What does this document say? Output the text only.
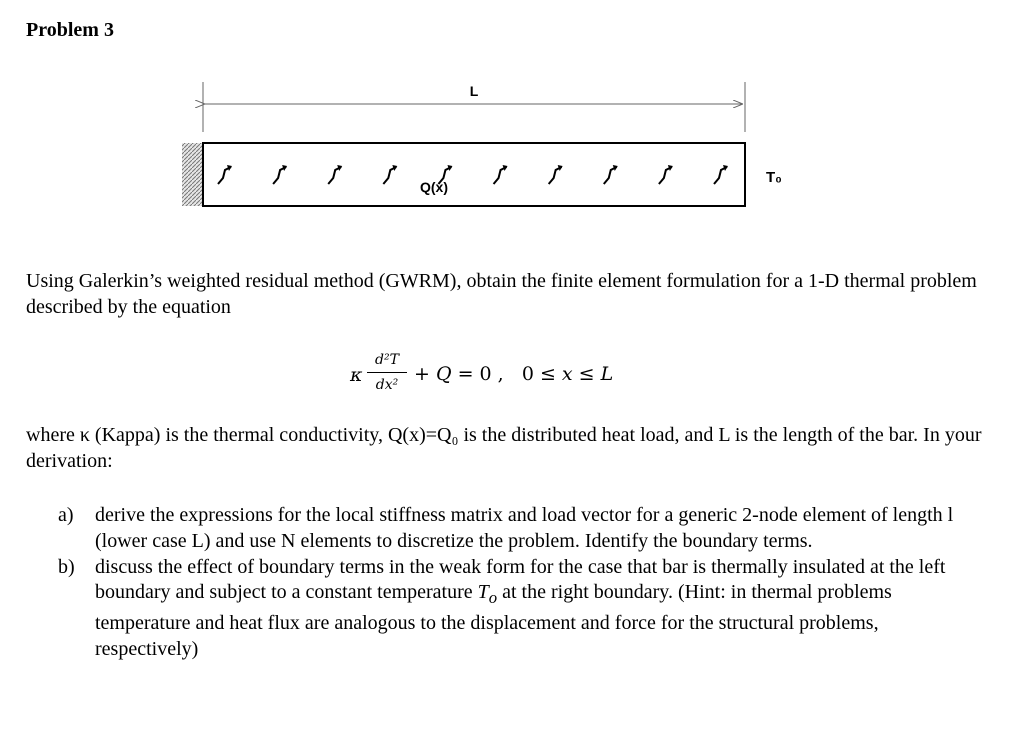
Problem 3
L
Q(x)
T₀
Using Galerkin’s weighted residual method (GWRM), obtain the finite element formulation for a 1-D thermal problem described by the equation
κ
d²T
dx² + Q = 0 ,   0 ≤ x ≤ L
where κ (Kappa) is the thermal conductivity, Q(x)=Q₀ is the distributed heat load, and L is the length of the bar. In your derivation:
a) derive the expressions for the local stiffness matrix and load vector for a generic 2-node element of length l (lower case L) and use N elements to discretize the problem. Identify the boundary terms.
b) discuss the effect of boundary terms in the weak form for the case that bar is thermally insulated at the left boundary and subject to a constant temperature $T_o$ at the right boundary. (Hint: in thermal problems temperature and heat flux are analogous to the displacement and force for the structural problems, respectively)
